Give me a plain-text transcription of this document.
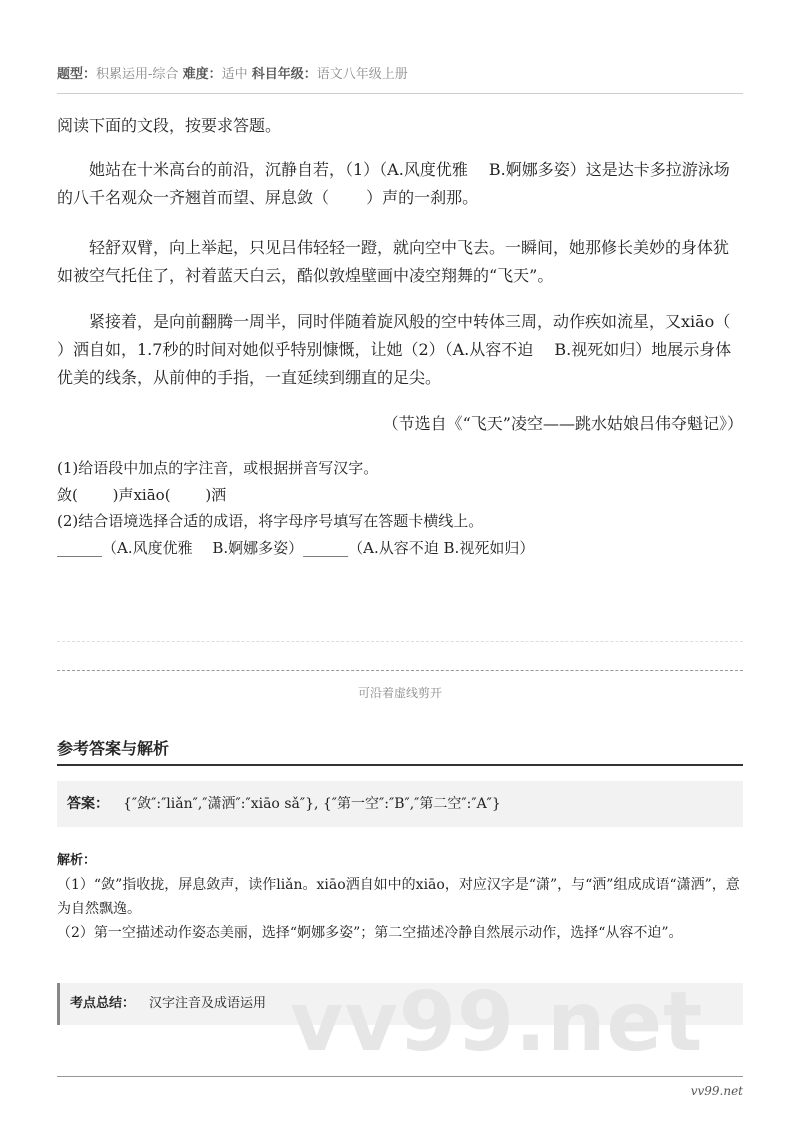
题型：积累运用-综合 难度：适中 科目年级：语文八年级上册
阅读下面的文段，按要求答题。
她站在十米高台的前沿，沉静自若，（1）（A.风度优雅　 B.婀娜多姿）这是达卡多拉游泳场的八千名观众一齐翘首而望、屏息敛（　　 ）声的一刹那。
轻舒双臂，向上举起，只见吕伟轻轻一蹬，就向空中飞去。一瞬间，她那修长美妙的身体犹如被空气托住了，衬着蓝天白云，酷似敦煌壁画中凌空翔舞的“飞天”。
紧接着，是向前翻腾一周半，同时伴随着旋风般的空中转体三周，动作疾如流星，又xiāo（　　 ）洒自如，1.7秒的时间对她似乎特别慷慨，让她（2）（A.从容不迫　 B.视死如归）地展示身体优美的线条，从前伸的手指，一直延续到绷直的足尖。
（节选自《“飞天”凌空——跳水姑娘吕伟夺魁记》）
(1)给语段中加点的字注音，或根据拼音写汉字。
敛(　　 )声xiāo(　　 )洒
(2)结合语境选择合适的成语，将字母序号填写在答题卡横线上。
______（A.风度优雅　 B.婀娜多姿）______（A.从容不迫 B.视死如归）
可沿着虚线剪开
参考答案与解析
答案： {″敛″:″liǎn″,″潇洒″:″xiāo sǎ″}, {″第一空″:″B″,″第二空″:″A″}
解析：
（1）“敛”指收拢，屏息敛声，读作liǎn。xiāo洒自如中的xiāo，对应汉字是“潇”，与“洒”组成成语“潇洒”，意为自然飘逸。
（2）第一空描述动作姿态美丽，选择“婀娜多姿”；第二空描述冷静自然展示动作，选择“从容不迫”。
考点总结： 汉字注音及成语运用 vv99.net
vv99.net
